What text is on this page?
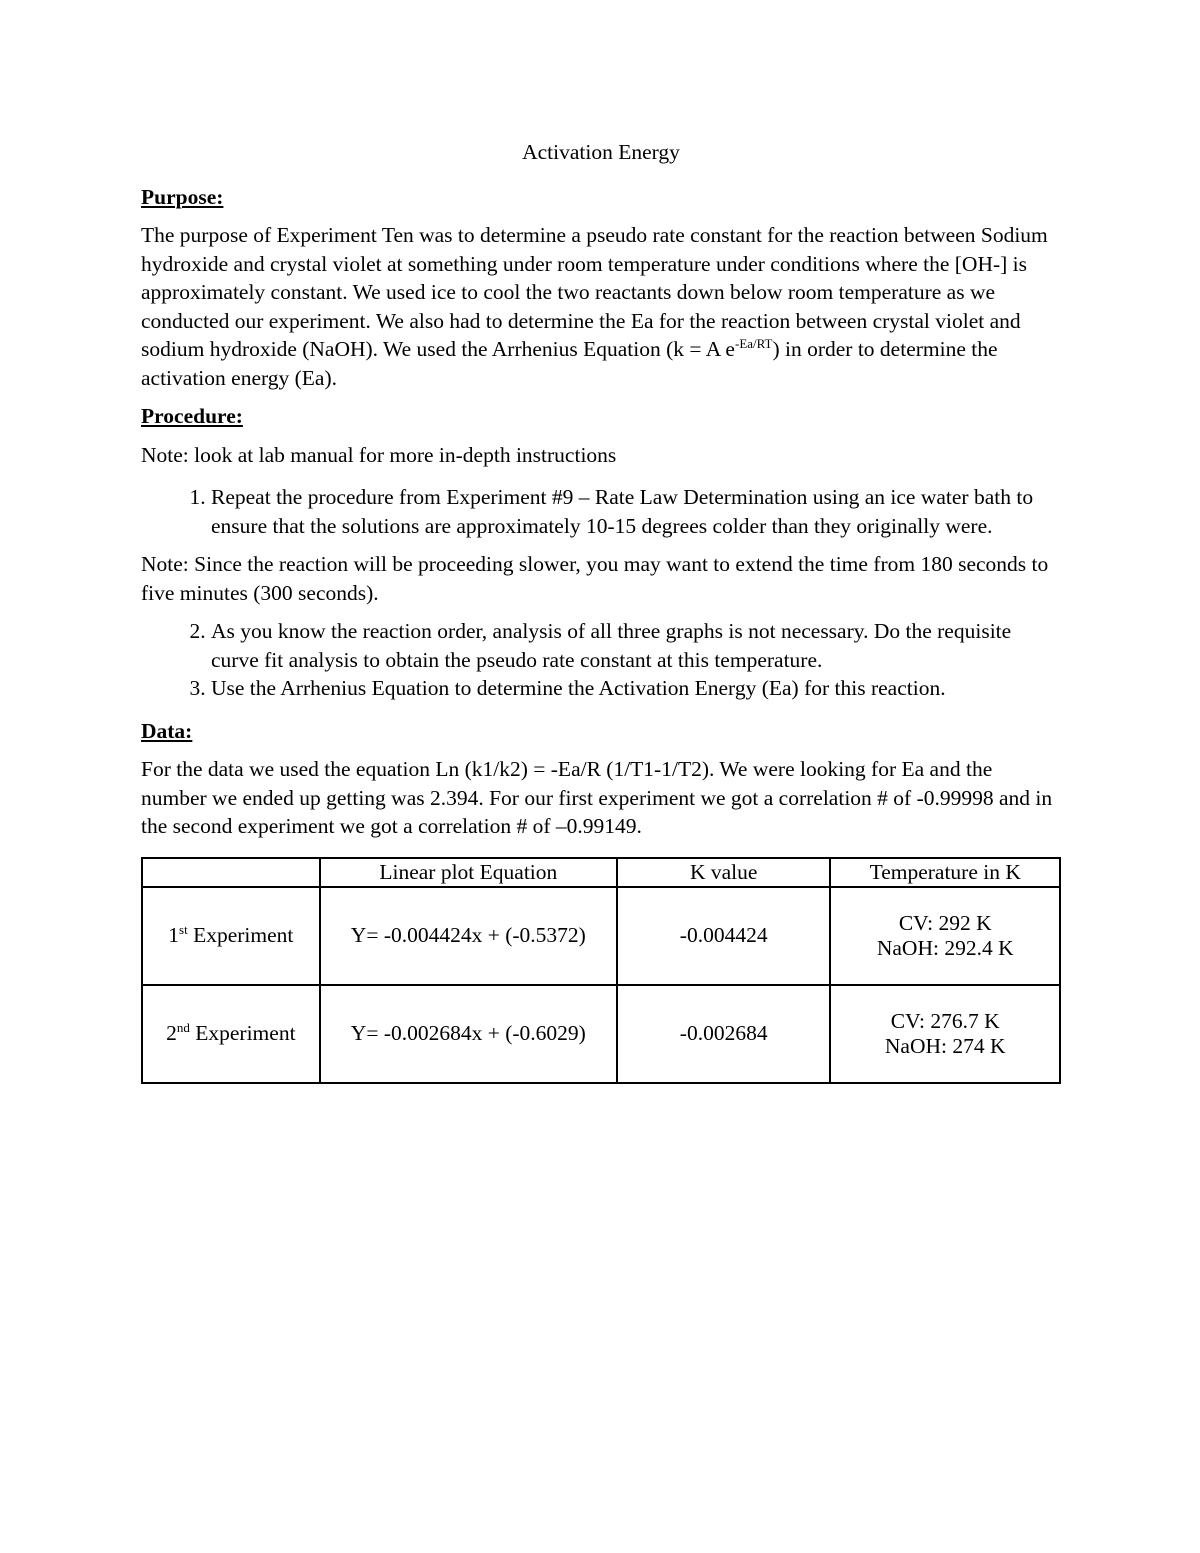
Activation Energy
Purpose:

The purpose of Experiment Ten was to determine a pseudo rate constant for the reaction between Sodium hydroxide and crystal violet at something under room temperature under conditions where the [OH-] is approximately constant. We used ice to cool the two reactants down below room temperature as we conducted our experiment. We also had to determine the Ea for the reaction between crystal violet and sodium hydroxide (NaOH). We used the Arrhenius Equation (k = A $e^{-Ea/RT}$) in order to determine the activation energy (Ea).

Procedure:

Note: look at lab manual for more in-depth instructions

1. Repeat the procedure from Experiment #9 – Rate Law Determination using an ice water bath to ensure that the solutions are approximately 10-15 degrees colder than they originally were.

Note: Since the reaction will be proceeding slower, you may want to extend the time from 180 seconds to five minutes (300 seconds).

2. As you know the reaction order, analysis of all three graphs is not necessary. Do the requisite curve fit analysis to obtain the pseudo rate constant at this temperature.
3. Use the Arrhenius Equation to determine the Activation Energy (Ea) for this reaction.
Data:

For the data we used the equation Ln (k1/k2) = -Ea/R (1/T1-1/T2). We were looking for Ea and the number we ended up getting was 2.394. For our first experiment we got a correlation # of -0.99998 and in the second experiment we got a correlation # of –0.99149.

	Linear plot Equation	K value	Temperature in K
1st Experiment	Y= -0.004424x + (-0.5372)	-0.004424	CV: 292 K
NaOH: 292.4 K

2nd Experiment	Y= -0.002684x + (-0.6029)	-0.002684	CV: 276.7 K
NaOH: 274 K
